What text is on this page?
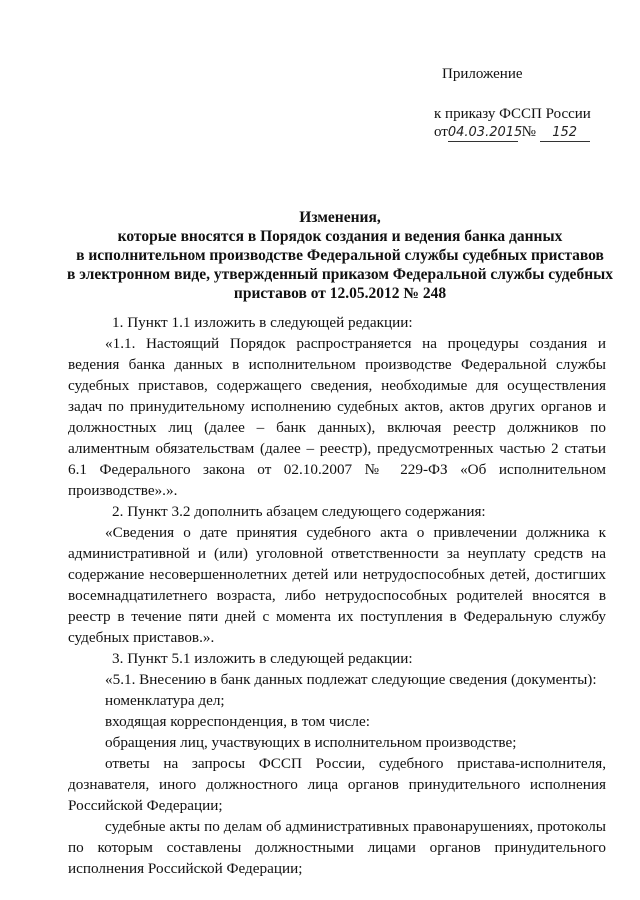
Приложение
к приказу ФССП России
от04.03.2015 № 152
Изменения,
которые вносятся в Порядок создания и ведения банка данных
в исполнительном производстве Федеральной службы судебных приставов
в электронном виде, утвержденный приказом Федеральной службы судебных
приставов от 12.05.2012 № 248

1. Пункт 1.1 изложить в следующей редакции:

«1.1. Настоящий Порядок распространяется на процедуры создания и ведения банка данных в исполнительном производстве Федеральной службы судебных приставов, содержащего сведения, необходимые для осуществления задач по принудительному исполнению судебных актов, актов других органов и должностных лиц (далее – банк данных), включая реестр должников по алиментным обязательствам (далее – реестр), предусмотренных частью 2 статьи 6.1 Федерального закона от 02.10.2007 № 229-ФЗ «Об исполнительном производстве».».

2. Пункт 3.2 дополнить абзацем следующего содержания:

«Сведения о дате принятия судебного акта о привлечении должника к административной и (или) уголовной ответственности за неуплату средств на содержание несовершеннолетних детей или нетрудоспособных детей, достигших восемнадцатилетнего возраста, либо нетрудоспособных родителей вносятся в реестр в течение пяти дней с момента их поступления в Федеральную службу судебных приставов.».

3. Пункт 5.1 изложить в следующей редакции:

«5.1. Внесению в банк данных подлежат следующие сведения (документы):

номенклатура дел;

входящая корреспонденция, в том числе:

обращения лиц, участвующих в исполнительном производстве;

ответы на запросы ФССП России, судебного пристава-исполнителя, дознавателя, иного должностного лица органов принудительного исполнения Российской Федерации;

судебные акты по делам об административных правонарушениях, протоколы по которым составлены должностными лицами органов принудительного исполнения Российской Федерации;
